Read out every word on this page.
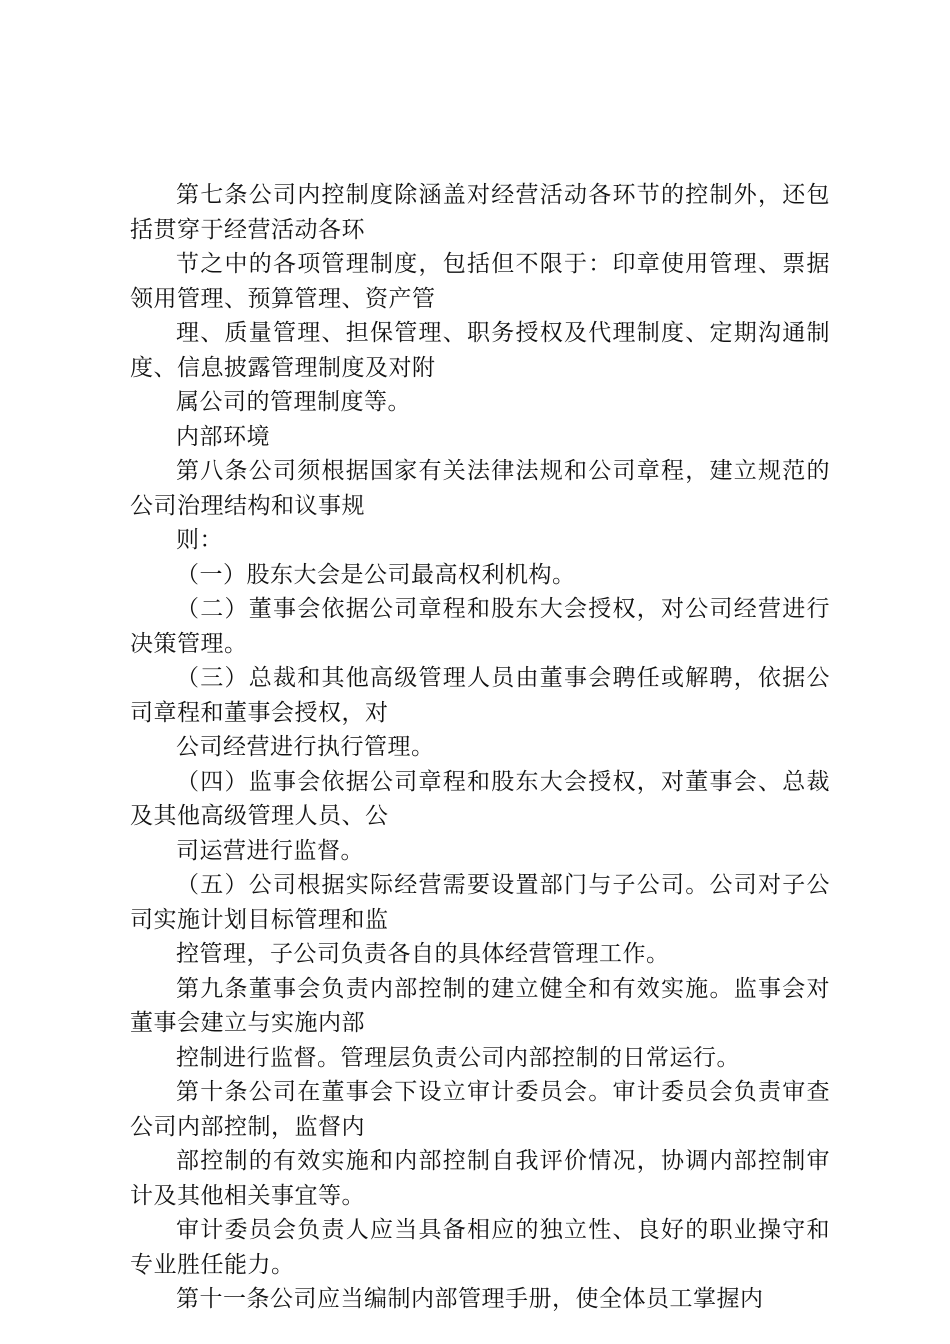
第七条公司内控制度除涵盖对经营活动各环节的控制外，还包括贯穿于经营活动各环

节之中的各项管理制度，包括但不限于：印章使用管理、票据领用管理、预算管理、资产管

理、质量管理、担保管理、职务授权及代理制度、定期沟通制度、信息披露管理制度及对附

属公司的管理制度等。

内部环境

第八条公司须根据国家有关法律法规和公司章程，建立规范的公司治理结构和议事规

则：

（一）股东大会是公司最高权利机构。

（二）董事会依据公司章程和股东大会授权，对公司经营进行决策管理。

（三）总裁和其他高级管理人员由董事会聘任或解聘，依据公司章程和董事会授权，对

公司经营进行执行管理。

（四）监事会依据公司章程和股东大会授权，对董事会、总裁及其他高级管理人员、公

司运营进行监督。

（五）公司根据实际经营需要设置部门与子公司。公司对子公司实施计划目标管理和监

控管理，子公司负责各自的具体经营管理工作。

第九条董事会负责内部控制的建立健全和有效实施。监事会对董事会建立与实施内部

控制进行监督。管理层负责公司内部控制的日常运行。

第十条公司在董事会下设立审计委员会。审计委员会负责审查公司内部控制，监督内

部控制的有效实施和内部控制自我评价情况，协调内部控制审计及其他相关事宜等。

审计委员会负责人应当具备相应的独立性、良好的职业操守和专业胜任能力。

第十一条公司应当编制内部管理手册，使全体员工掌握内
